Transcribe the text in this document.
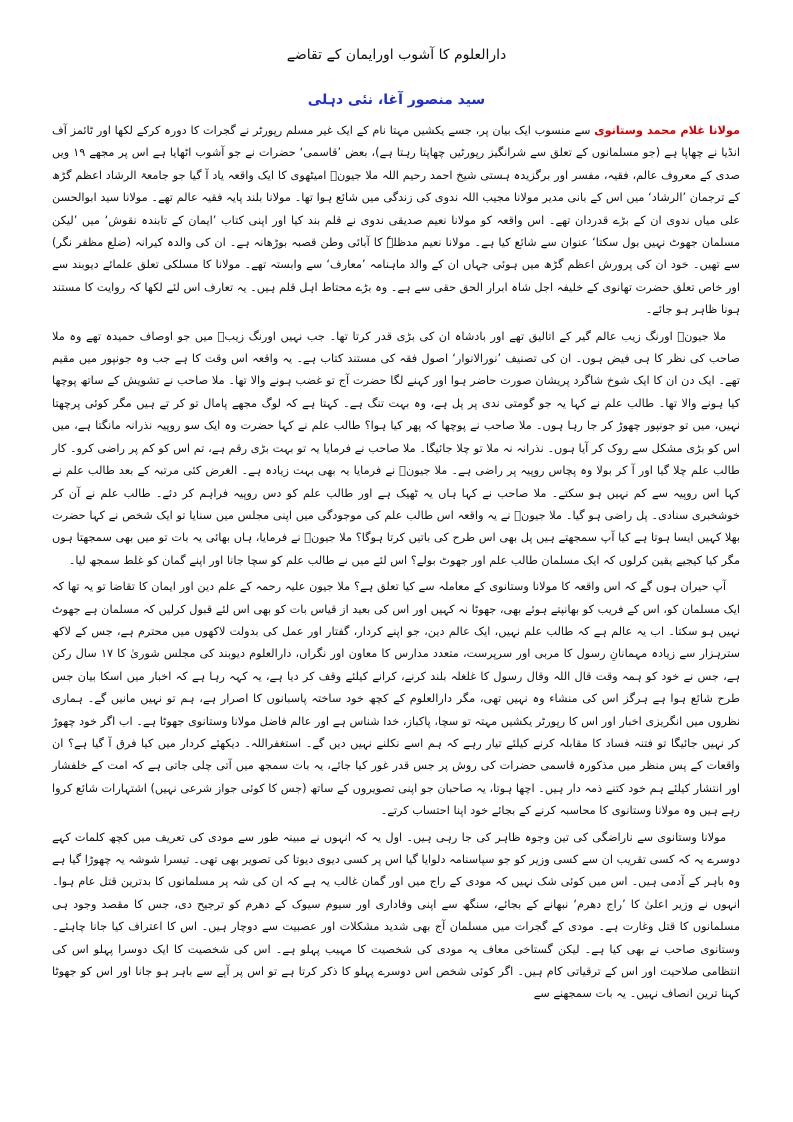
دارالعلوم کا آشوب اورایمان کے تقاضے
سید منصور آغا، نئی دہلی

مولانا غلام محمد وستانوی سے منسوب ایک بیان پر، جسے یکشیں مہتا نام کے ایک غیر مسلم رپورٹر نے گجرات کا دورہ کرکے لکھا اور ٹائمز آف انڈیا نے چھاپا ہے (جو مسلمانوں کے تعلق سے شرانگیز رپورٹیں چھاپتا رہتا ہے)، بعض ’قاسمی‘ حضرات نے جو آشوب اٹھایا ہے اس پر مجھے ۱۹ ویں صدی کے معروف عالم، فقیہ، مفسر اور برگزیدہ ہستی شیخ احمد رحیم اللہ ملا جیونؒ امیٹھوی کا ایک واقعہ یاد آ گیا جو جامعۃ الرشاد اعظم گڑھ کے ترجمان ’الرشاد‘ میں اس کے بانی مدیر مولانا مجیب اللہ ندوی کی زندگی میں شائع ہوا تھا۔ مولانا بلند پایہ فقیہ عالم تھے۔ مولانا سید ابوالحسن علی میاں ندوی ان کے بڑے قدردان تھے۔ اس واقعہ کو مولانا نعیم صدیقی ندوی نے قلم بند کیا اور اپنی کتاب ’ایمان کے تابندہ نقوش‘ میں ’لیکن مسلمان جھوٹ نہیں بول سکتا‘ عنوان سے شائع کیا ہے۔ مولانا نعیم مدظلہٗ کا آبائی وطن قصبہ بوڑھانہ ہے۔ ان کی والدہ کیرانہ (ضلع مظفر نگر) سے تھیں۔ خود ان کی پرورش اعظم گڑھ میں ہوئی جہاں ان کے والد ماہنامہ ’معارف‘ سے وابستہ تھے۔ مولانا کا مسلکی تعلق علمائے دیوبند سے اور خاص تعلق حضرت تھانوی کے خلیفہ اجل شاہ ابرار الحق حقی سے ہے۔ وہ بڑے محتاط اہل قلم ہیں۔ یہ تعارف اس لئے لکھا کہ روایت کا مستند ہونا ظاہر ہو جائے۔

ملا جیونؒ اورنگ زیب عالم گیر کے اتالیق تھے اور بادشاہ ان کی بڑی قدر کرتا تھا۔ جب نہیں اورنگ زیبؒ میں جو اوصاف حمیدہ تھے وہ ملا صاحب کی نظر کا ہی فیض ہوں۔ ان کی تصنیف ’نورالانوار‘ اصول فقہ کی مستند کتاب ہے۔ یہ واقعہ اس وقت کا ہے جب وہ جونپور میں مقیم تھے۔ ایک دن ان کا ایک شوخ شاگرد پریشان صورت حاضر ہوا اور کہنے لگا حضرت آج تو غضب ہونے والا تھا۔ ملا صاحب نے تشویش کے ساتھ پوچھا کیا ہونے والا تھا۔ طالب علم نے کہا یہ جو گومتی ندی پر پل ہے، وہ بہت تنگ ہے۔ کہتا ہے کہ لوگ مجھے پامال تو کر تے ہیں مگر کوئی پرچھتا نہیں، میں تو جونپور چھوڑ کر جا رہا ہوں۔ ملا صاحب نے پوچھا کہ پھر کیا ہوا؟ طالب علم نے کہا حضرت وہ ایک سو روپیہ نذرانہ مانگتا ہے، میں اس کو بڑی مشکل سے روک کر آیا ہوں۔ نذرانہ نہ ملا تو چلا جائیگا۔ ملا صاحب نے فرمایا یہ تو بہت بڑی رقم ہے، تم اس کو کم پر راضی کرو۔ کار طالب علم چلا گیا اور آ کر بولا وہ پچاس روپیہ پر راضی ہے۔ ملا جیونؒ نے فرمایا یہ بھی بہت زیادہ ہے۔ الغرض کئی مرتبہ کے بعد طالب علم نے کہا اس روپیہ سے کم نہیں ہو سکتے۔ ملا صاحب نے کہا ہاں یہ ٹھیک ہے اور طالب علم کو دس روپیہ فراہم کر دئے۔ طالب علم نے آن کر خوشخبری سنادی۔ پل راضی ہو گیا۔ ملا جیونؒ نے یہ واقعہ اس طالب علم کی موجودگی میں اپنی مجلس میں سنایا تو ایک شخص نے کہا حضرت بھلا کہیں ایسا ہوتا ہے کیا آپ سمجھتے ہیں پل بھی اس طرح کی باتیں کرتا ہوگا؟ ملا جیونؒ نے فرمایا، ہاں بھائی یہ بات تو میں بھی سمجھتا ہوں مگر کیا کیجیے یقین کرلوں کہ ایک مسلمان طالب علم اور جھوٹ بولے؟ اس لئے میں نے طالب علم کو سچا جانا اور اپنے گمان کو غلط سمجھ لیا۔

آپ حیران ہوں گے کہ اس واقعہ کا مولانا وستانوی کے معاملہ سے کیا تعلق ہے؟ ملا جیون علیہ رحمہ کے علم دین اور ایمان کا تقاضا تو یہ تھا کہ ایک مسلمان کو، اس کے فریب کو بھانپتے ہوئے بھی، جھوٹا نہ کہیں اور اس کی بعید از قیاس بات کو بھی اس لئے قبول کرلیں کہ مسلمان ہے جھوٹ نہیں ہو سکتا۔ اب یہ عالم ہے کہ طالب علم نہیں، ایک عالم دین، جو اپنے کردار، گفتار اور عمل کی بدولت لاکھوں میں محترم ہے، جس کے لاکھ سترہزار سے زیادہ مہمانانِ رسول کا مربی اور سرپرست، متعدد مدارس کا معاون اور نگراں، دارالعلوم دیوبند کی مجلس شوریٰ کا ۱۷ سال رکن ہے، جس نے خود کو ہمہ وقت قال اللہ وقال رسول کا غلغلہ بلند کرنے، کرانے کیلئے وقف کر دیا ہے، یہ کہہ رہا ہے کہ اخبار میں اسکا بیان جس طرح شائع ہوا ہے ہرگز اس کی منشاء وہ نہیں تھی، مگر دارالعلوم کے کچھ خود ساختہ پاسبانوں کا اصرار ہے، ہم تو نہیں مانیں گے۔ ہماری نظروں میں انگریزی اخبار اور اس کا رپورٹر یکشیں مہتہ تو سچا، پاکباز، خدا شناس ہے اور عالم فاضل مولانا وستانوی جھوٹا ہے۔ اب اگر خود چھوڑ کر نہیں جائیگا تو فتنہ فساد کا مقابلہ کرنے کیلئے تیار رہے کہ ہم اسے نکلنے نہیں دیں گے۔ استغفراللہ۔ دیکھئے کردار میں کیا فرق آ گیا ہے؟ ان واقعات کے پس منظر میں مذکورہ قاسمی حضرات کی روش پر جس قدر غور کیا جائے، یہ بات سمجھ میں آتی چلی جاتی ہے کہ امت کے خلفشار اور انتشار کیلئے ہم خود کتنے ذمہ دار ہیں۔ اچھا ہوتا، یہ صاحبان جو اپنی تصویروں کے ساتھ (جس کا کوئی جواز شرعی نہیں) اشتہارات شائع کروا رہے ہیں وہ مولانا وستانوی کا محاسبہ کرنے کے بجائے خود اپنا احتساب کرتے۔

مولانا وستانوی سے ناراضگی کی تین وجوہ ظاہر کی جا رہی ہیں۔ اول یہ کہ انہوں نے مبینہ طور سے مودی کی تعریف میں کچھ کلمات کہے دوسرے یہ کہ کسی تقریب ان سے کسی وزیر کو جو سپاسنامہ دلوایا گیا اس پر کسی دیوی دیوتا کی تصویر بھی تھی۔ تیسرا شوشہ یہ چھوڑا گیا ہے وہ باہر کے آدمی ہیں۔ اس میں کوئی شک نہیں کہ مودی کے راج میں اور گمان غالب یہ ہے کہ ان کی شہ پر مسلمانوں کا بدترین قتل عام ہوا۔ انہوں نے وزیر اعلیٰ کا ’راج دھرم‘ نبھانے کے بجائے، سنگھ سے اپنی وفاداری اور سیوم سیوک کے دھرم کو ترجیح دی، جس کا مقصد وجود ہی مسلمانوں کا قتل وغارت ہے۔ مودی کے گجرات میں مسلمان آج بھی شدید مشکلات اور عصبیت سے دوچار ہیں۔ اس کا اعتراف کیا جانا چاہئے۔ وستانوی صاحب نے بھی کیا ہے۔ لیکن گستاخی معاف یہ مودی کی شخصیت کا مہیب پہلو ہے۔ اس کی شخصیت کا ایک دوسرا پہلو اس کی انتظامی صلاحیت اور اس کے ترقیاتی کام ہیں۔ اگر کوئی شخص اس دوسرے پہلو کا ذکر کرتا ہے تو اس پر آپے سے باہر ہو جانا اور اس کو جھوٹا کہنا ترین انصاف نہیں۔ یہ بات سمجھنے سے
